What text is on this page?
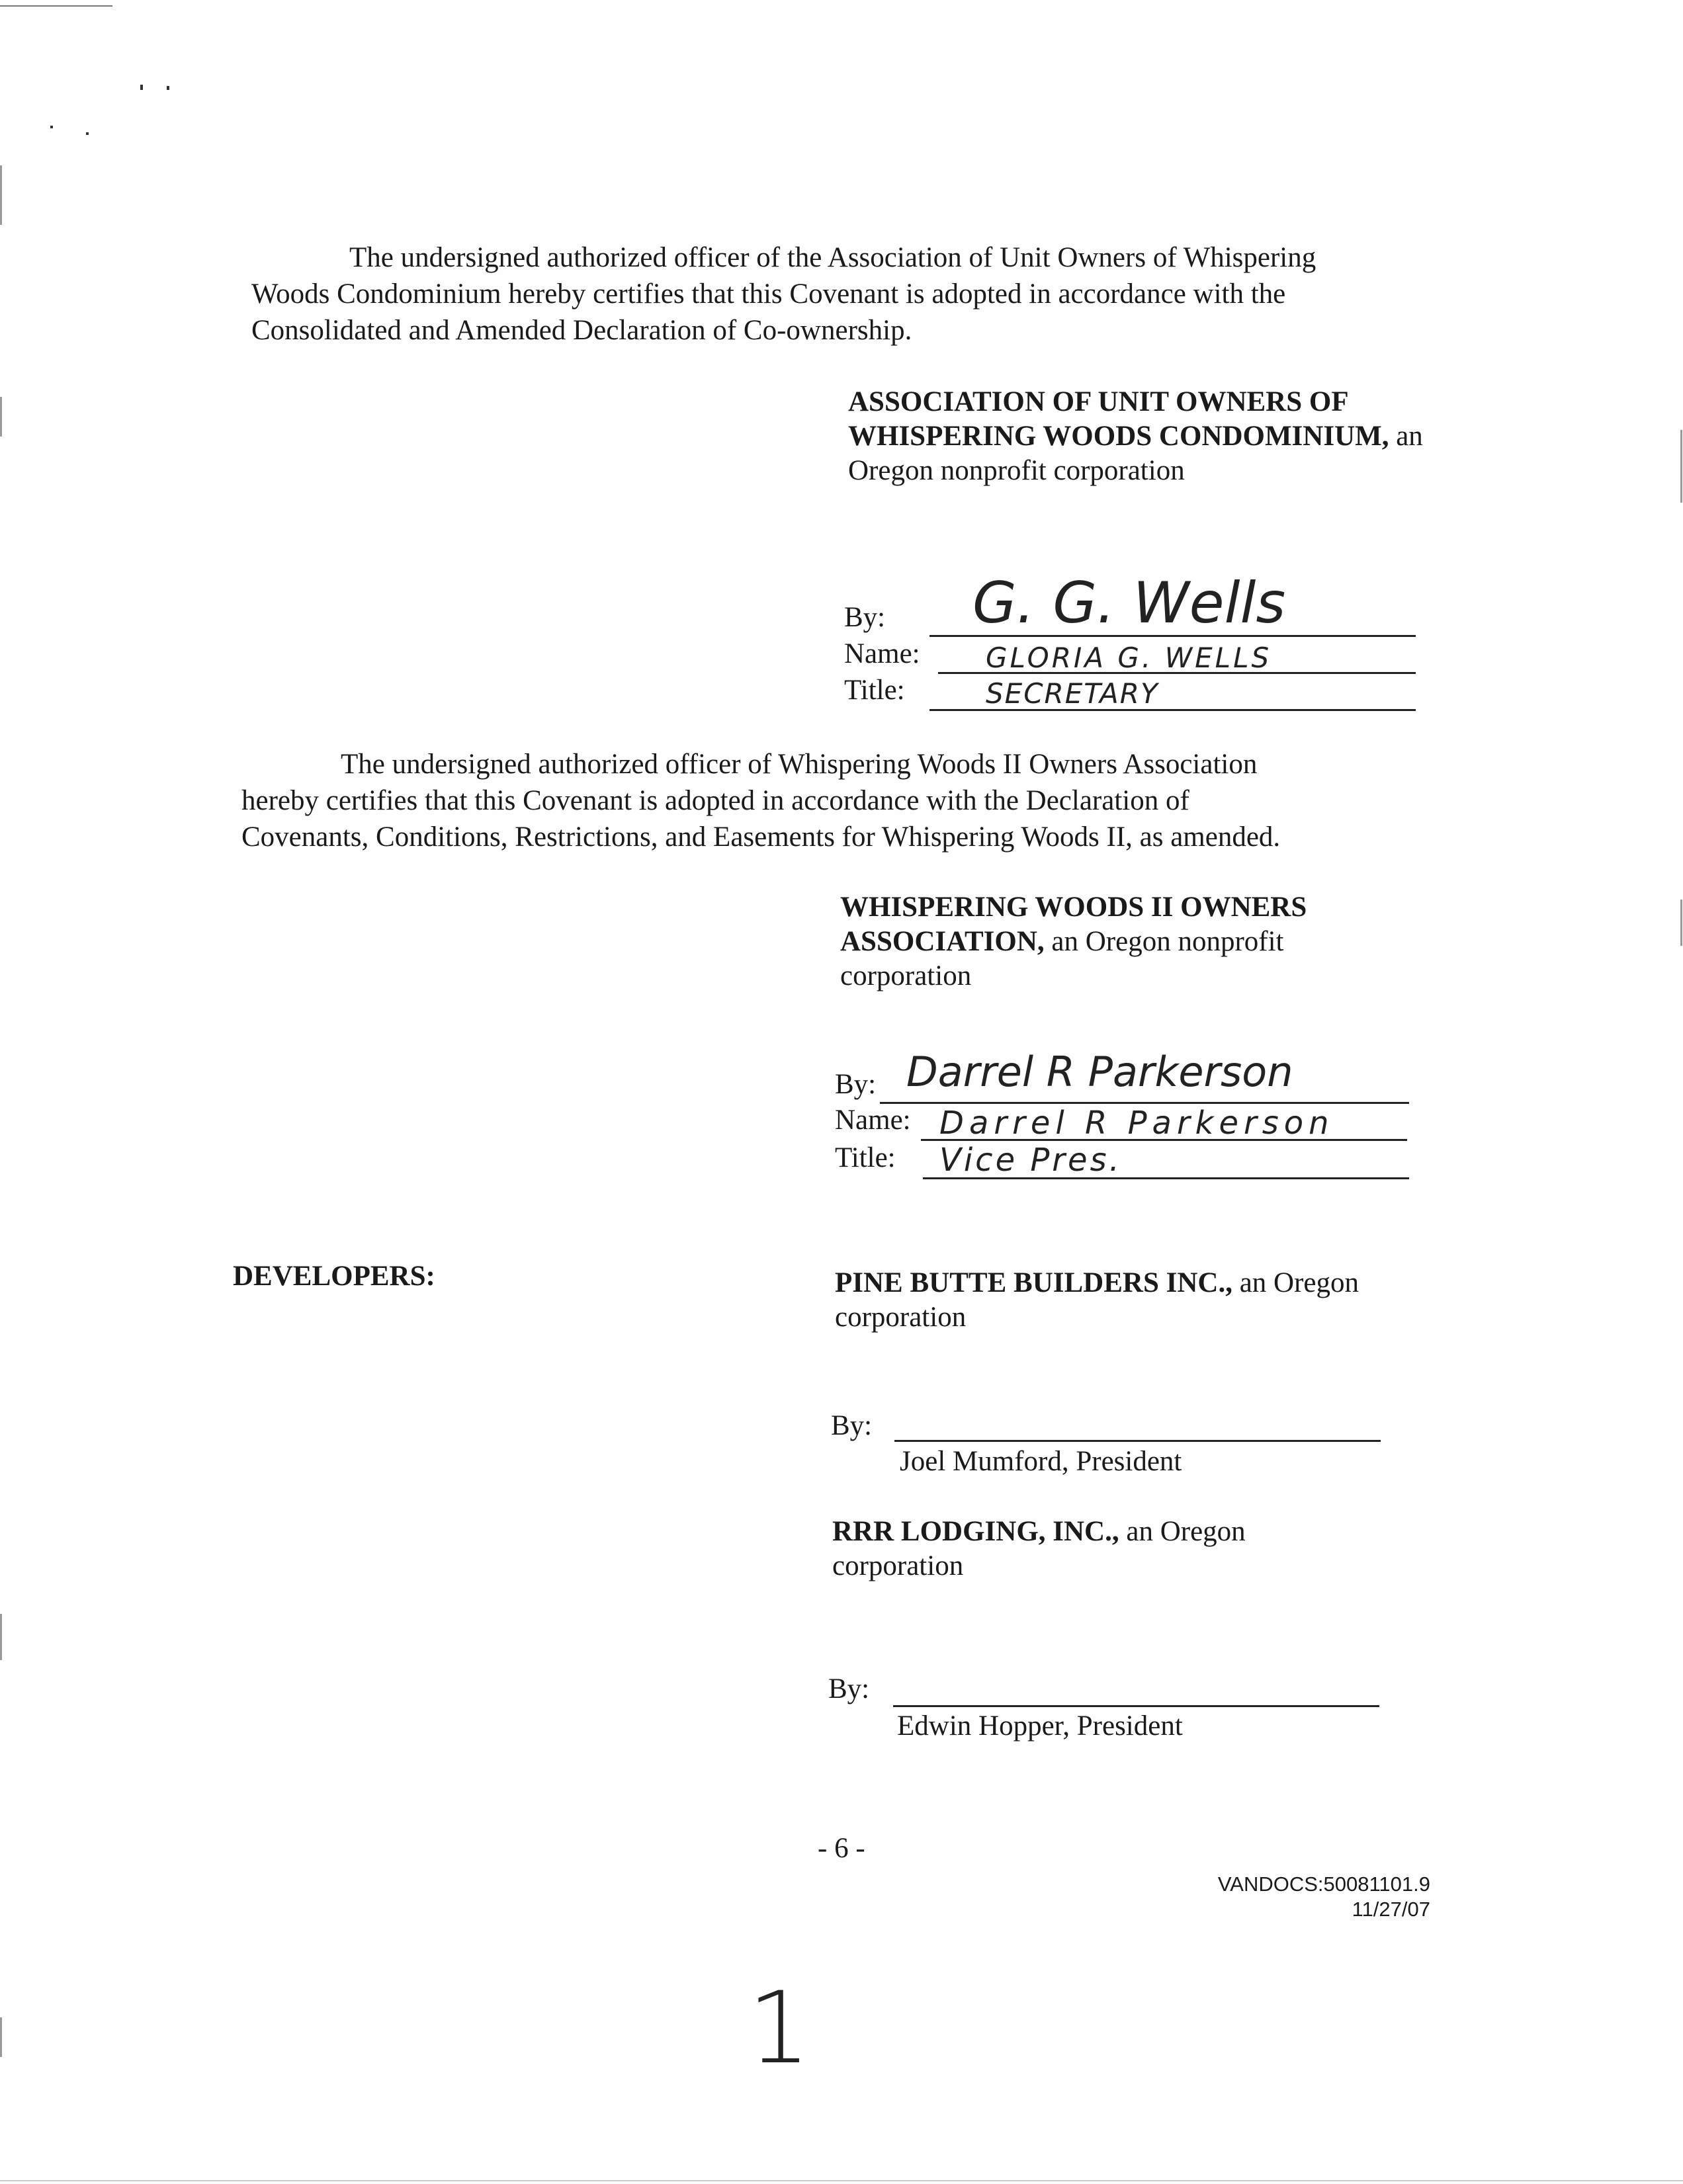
The undersigned authorized officer of the Association of Unit Owners of Whispering
Woods Condominium hereby certifies that this Covenant is adopted in accordance with the
Consolidated and Amended Declaration of Co-ownership.
ASSOCIATION OF UNIT OWNERS OF WHISPERING WOODS CONDOMINIUM, an Oregon nonprofit corporation
By:
Name:
Title:
G. G. Wells
GLORIA G. WELLS
SECRETARY
The undersigned authorized officer of Whispering Woods II Owners Association
hereby certifies that this Covenant is adopted in accordance with the Declaration of
Covenants, Conditions, Restrictions, and Easements for Whispering Woods II, as amended.
WHISPERING WOODS II OWNERS ASSOCIATION, an Oregon nonprofit corporation
By:
Name:
Title:
Darrel R Parkerson
Darrel R Parkerson
Vice Pres.
DEVELOPERS:	PINE BUTTE BUILDERS INC., an Oregon corporation
By:
Joel Mumford, President
RRR LODGING, INC., an Oregon corporation
By:
Edwin Hopper, President
- 6 -
VANDOCS:50081101.9
11/27/07
1
